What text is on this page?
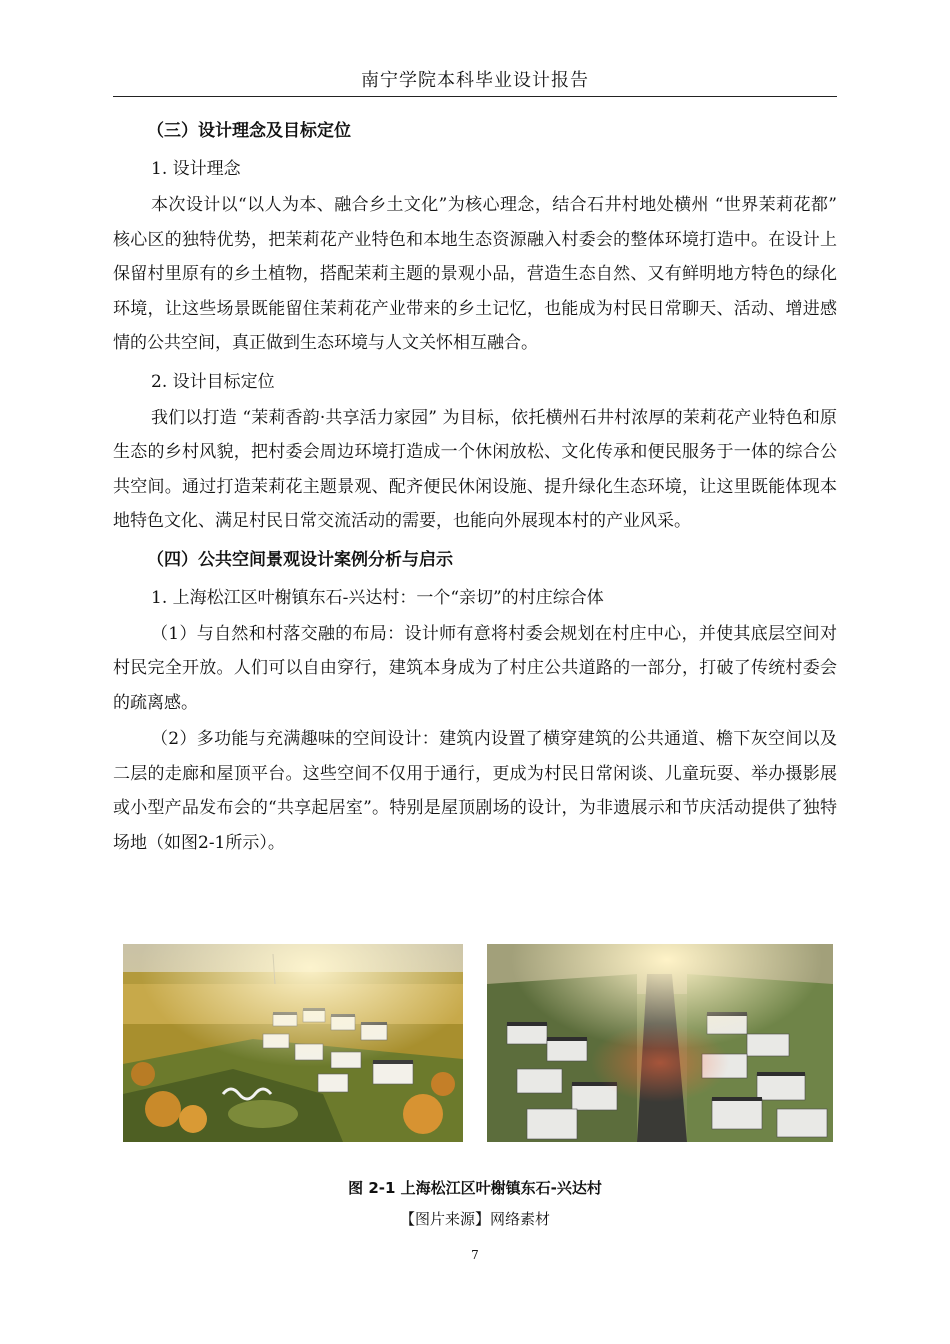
南宁学院本科毕业设计报告

（三）设计理念及目标定位

1. 设计理念

本次设计以“以人为本、融合乡土文化”为核心理念，结合石井村地处横州 “世界茉莉花都” 核心区的独特优势，把茉莉花产业特色和本地生态资源融入村委会的整体环境打造中。在设计上保留村里原有的乡土植物，搭配茉莉主题的景观小品，营造生态自然、又有鲜明地方特色的绿化环境，让这些场景既能留住茉莉花产业带来的乡土记忆，也能成为村民日常聊天、活动、增进感情的公共空间，真正做到生态环境与人文关怀相互融合。

2. 设计目标定位

我们以打造 “茉莉香韵·共享活力家园” 为目标，依托横州石井村浓厚的茉莉花产业特色和原生态的乡村风貌，把村委会周边环境打造成一个休闲放松、文化传承和便民服务于一体的综合公共空间。通过打造茉莉花主题景观、配齐便民休闲设施、提升绿化生态环境，让这里既能体现本地特色文化、满足村民日常交流活动的需要，也能向外展现本村的产业风采。

（四）公共空间景观设计案例分析与启示

1. 上海松江区叶榭镇东石-兴达村：一个“亲切”的村庄综合体

（1）与自然和村落交融的布局：设计师有意将村委会规划在村庄中心，并使其底层空间对村民完全开放。人们可以自由穿行，建筑本身成为了村庄公共道路的一部分，打破了传统村委会的疏离感。

（2）多功能与充满趣味的空间设计：建筑内设置了横穿建筑的公共通道、檐下灰空间以及二层的走廊和屋顶平台。这些空间不仅用于通行，更成为村民日常闲谈、儿童玩耍、举办摄影展或小型产品发布会的“共享起居室”。特别是屋顶剧场的设计，为非遗展示和节庆活动提供了独特场地（如图2-1所示）。

图 2-1 上海松江区叶榭镇东石-兴达村
【图片来源】网络素材
7
